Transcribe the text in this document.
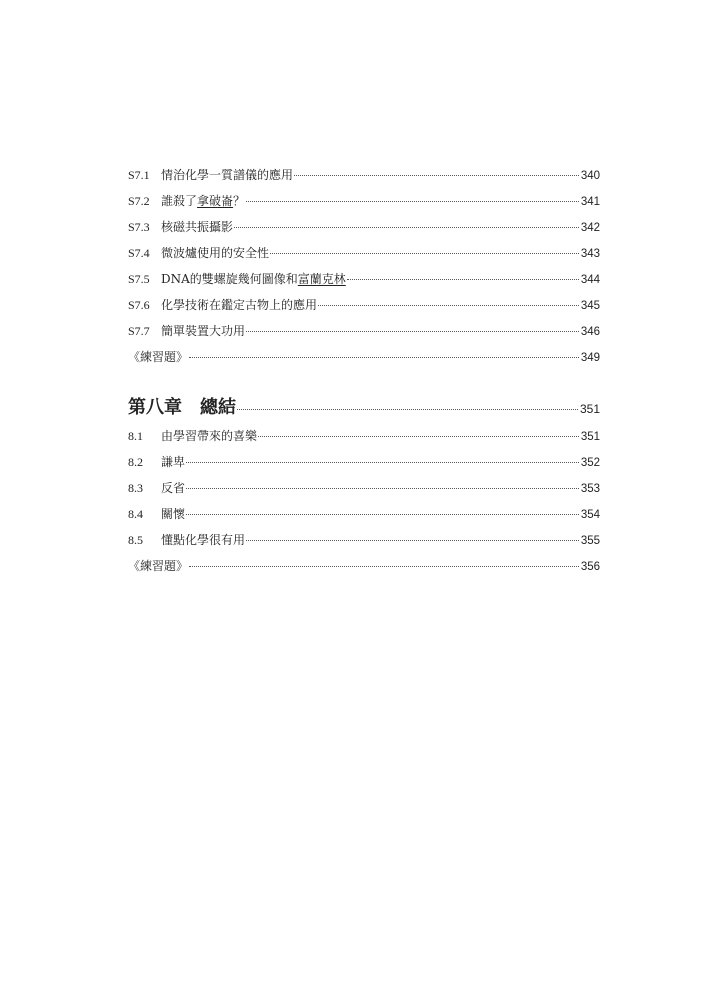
S7.1 情治化學一質譜儀的應用	340
S7.2 誰殺了拿破崙？	341
S7.3 核磁共振攝影	342
S7.4 微波爐使用的安全性	343
S7.5 DNA的雙螺旋幾何圖像和富蘭克林	344
S7.6 化學技術在鑑定古物上的應用	345
S7.7 簡單裝置大功用	346
《練習題》	349
第八章　總結	351
8.1	由學習帶來的喜樂	351
8.2	謙卑	352
8.3	反省	353
8.4	關懷	354
8.5	懂點化學很有用	355
《練習題》	356
